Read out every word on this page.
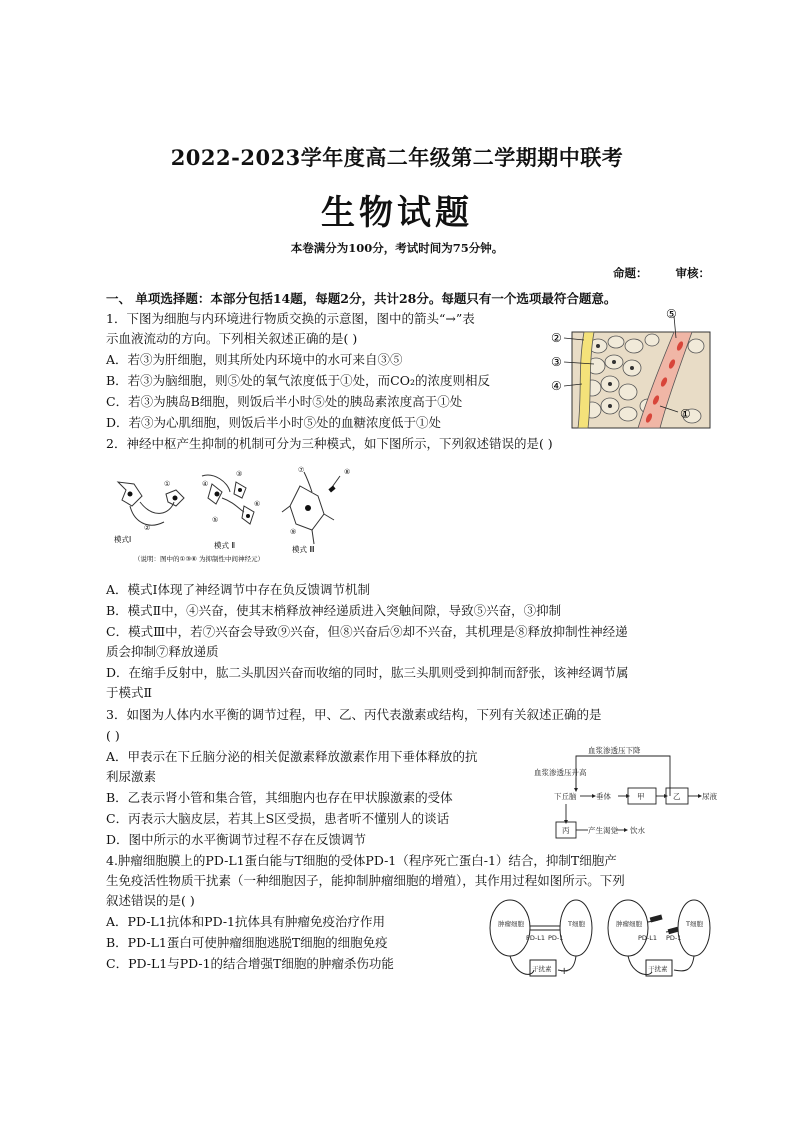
2022-2023学年度高二年级第二学期期中联考
生物试题
本卷满分为100分，考试时间为75分钟。
命题： 审核：
一、 单项选择题：本部分包括14题，每题2分，共计28分。每题只有一个选项最符合题意。
1．下图为细胞与内环境进行物质交换的示意图，图中的箭头“→”表
示血液流动的方向。下列相关叙述正确的是( )
A．若③为肝细胞，则其所处内环境中的水可来自③⑤
B．若③为脑细胞，则⑤处的氧气浓度低于①处，而CO₂的浓度则相反
C．若③为胰岛B细胞，则饭后半小时⑤处的胰岛素浓度高于①处
D．若③为心肌细胞，则饭后半小时⑤处的血糖浓度低于①处
②
③
④
⑤
①
2．神经中枢产生抑制的机制可分为三种模式，如下图所示，下列叙述错误的是( )
①
②
③
④
⑤
⑥
⑦	⑧
⑨
模式Ⅰ
模式 Ⅱ	模式 Ⅲ
（说明：图中的①③⑥ 为抑制性中间神经元）
A．模式Ⅰ体现了神经调节中存在负反馈调节机制
B．模式Ⅱ中，④兴奋，使其末梢释放神经递质进入突触间隙，导致⑤兴奋，③抑制
C．模式Ⅲ中，若⑦兴奋会导致⑨兴奋，但⑧兴奋后⑨却不兴奋，其机理是⑧释放抑制性神经递
质会抑制⑦释放递质
D．在缩手反射中，肱二头肌因兴奋而收缩的同时，肱三头肌则受到抑制而舒张，该神经调节属
于模式Ⅱ
3．如图为人体内水平衡的调节过程，甲、乙、丙代表激素或结构，下列有关叙述正确的是
( )
A．甲表示在下丘脑分泌的相关促激素释放激素作用下垂体释放的抗
利尿激素
B．乙表示肾小管和集合管，其细胞内也存在甲状腺激素的受体
C．丙表示大脑皮层，若其上S区受损，患者听不懂别人的谈话
D．图中所示的水平衡调节过程不存在反馈调节
血浆渗透压下降
血浆渗透压升高
下丘脑	垂体	甲	乙	尿液
丙 产生渴觉 饮水
4.肿瘤细胞膜上的PD-L1蛋白能与T细胞的受体PD-1（程序死亡蛋白-1）结合，抑制T细胞产
生免疫活性物质干扰素（一种细胞因子，能抑制肿瘤细胞的增殖），其作用过程如图所示。下列
叙述错误的是( )
A．PD-L1抗体和PD-1抗体具有肿瘤免疫治疗作用
B．PD-L1蛋白可使肿瘤细胞逃脱T细胞的细胞免疫
C．PD-L1与PD-1的结合增强T细胞的肿瘤杀伤功能
+
肿瘤细胞	T细胞
PD-L1 PD-1
干扰素
肿瘤细胞	T细胞
PD-L1 PD-1
干扰素
